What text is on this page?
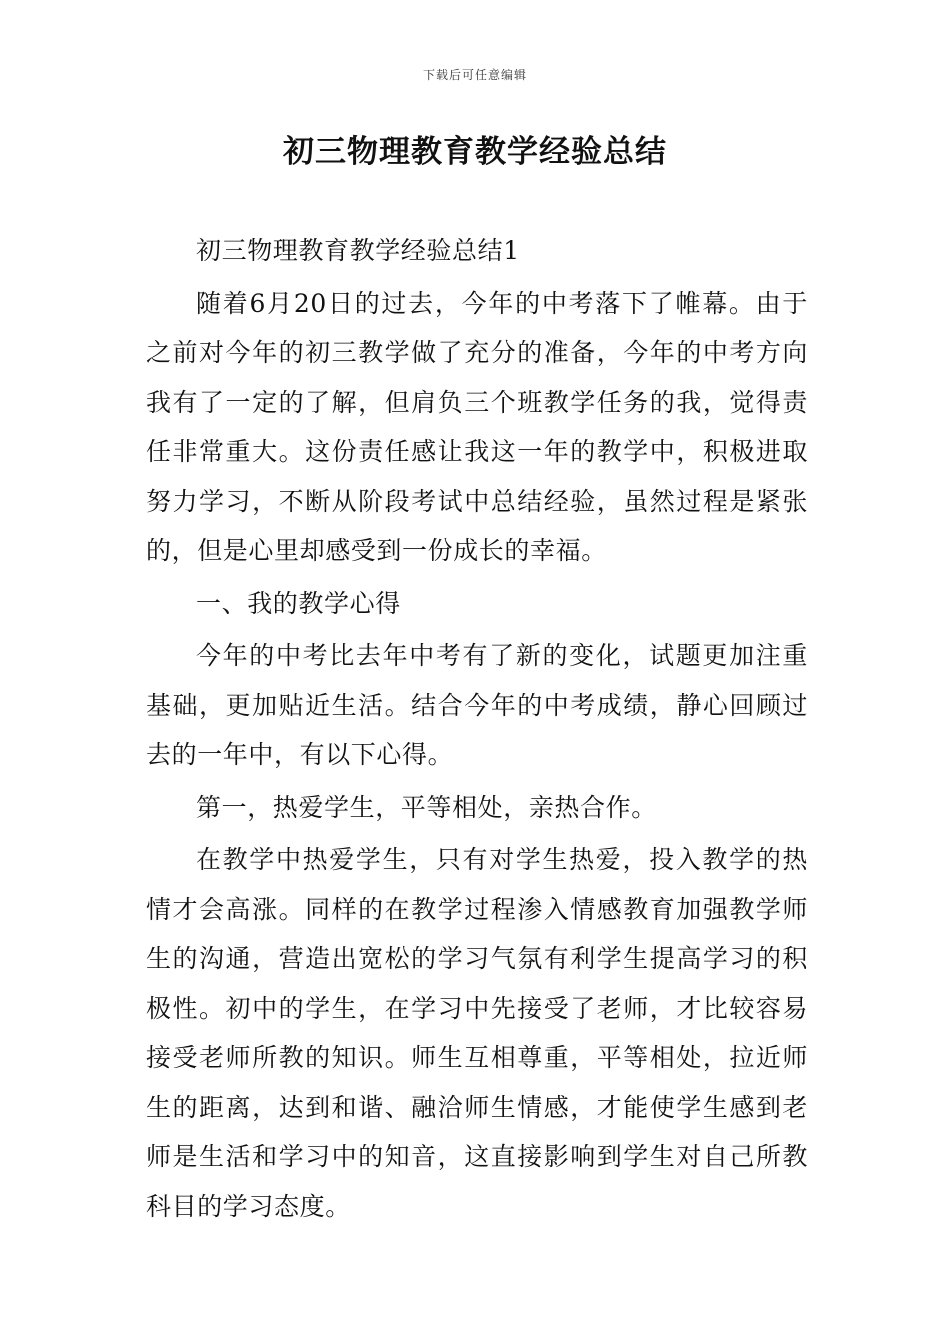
下载后可任意编辑
初三物理教育教学经验总结

初三物理教育教学经验总结1

随着6月20日的过去，今年的中考落下了帷幕。由于之前对今年的初三教学做了充分的准备，今年的中考方向我有了一定的了解，但肩负三个班教学任务的我，觉得责任非常重大。这份责任感让我这一年的教学中，积极进取努力学习，不断从阶段考试中总结经验，虽然过程是紧张的，但是心里却感受到一份成长的幸福。

一、我的教学心得

今年的中考比去年中考有了新的变化，试题更加注重基础，更加贴近生活。结合今年的中考成绩，静心回顾过去的一年中，有以下心得。

第一，热爱学生，平等相处，亲热合作。

在教学中热爱学生，只有对学生热爱，投入教学的热情才会高涨。同样的在教学过程渗入情感教育加强教学师生的沟通，营造出宽松的学习气氛有利学生提高学习的积极性。初中的学生，在学习中先接受了老师，才比较容易接受老师所教的知识。师生互相尊重，平等相处，拉近师生的距离，达到和谐、融洽师生情感，才能使学生感到老师是生活和学习中的知音，这直接影响到学生对自己所教科目的学习态度。
